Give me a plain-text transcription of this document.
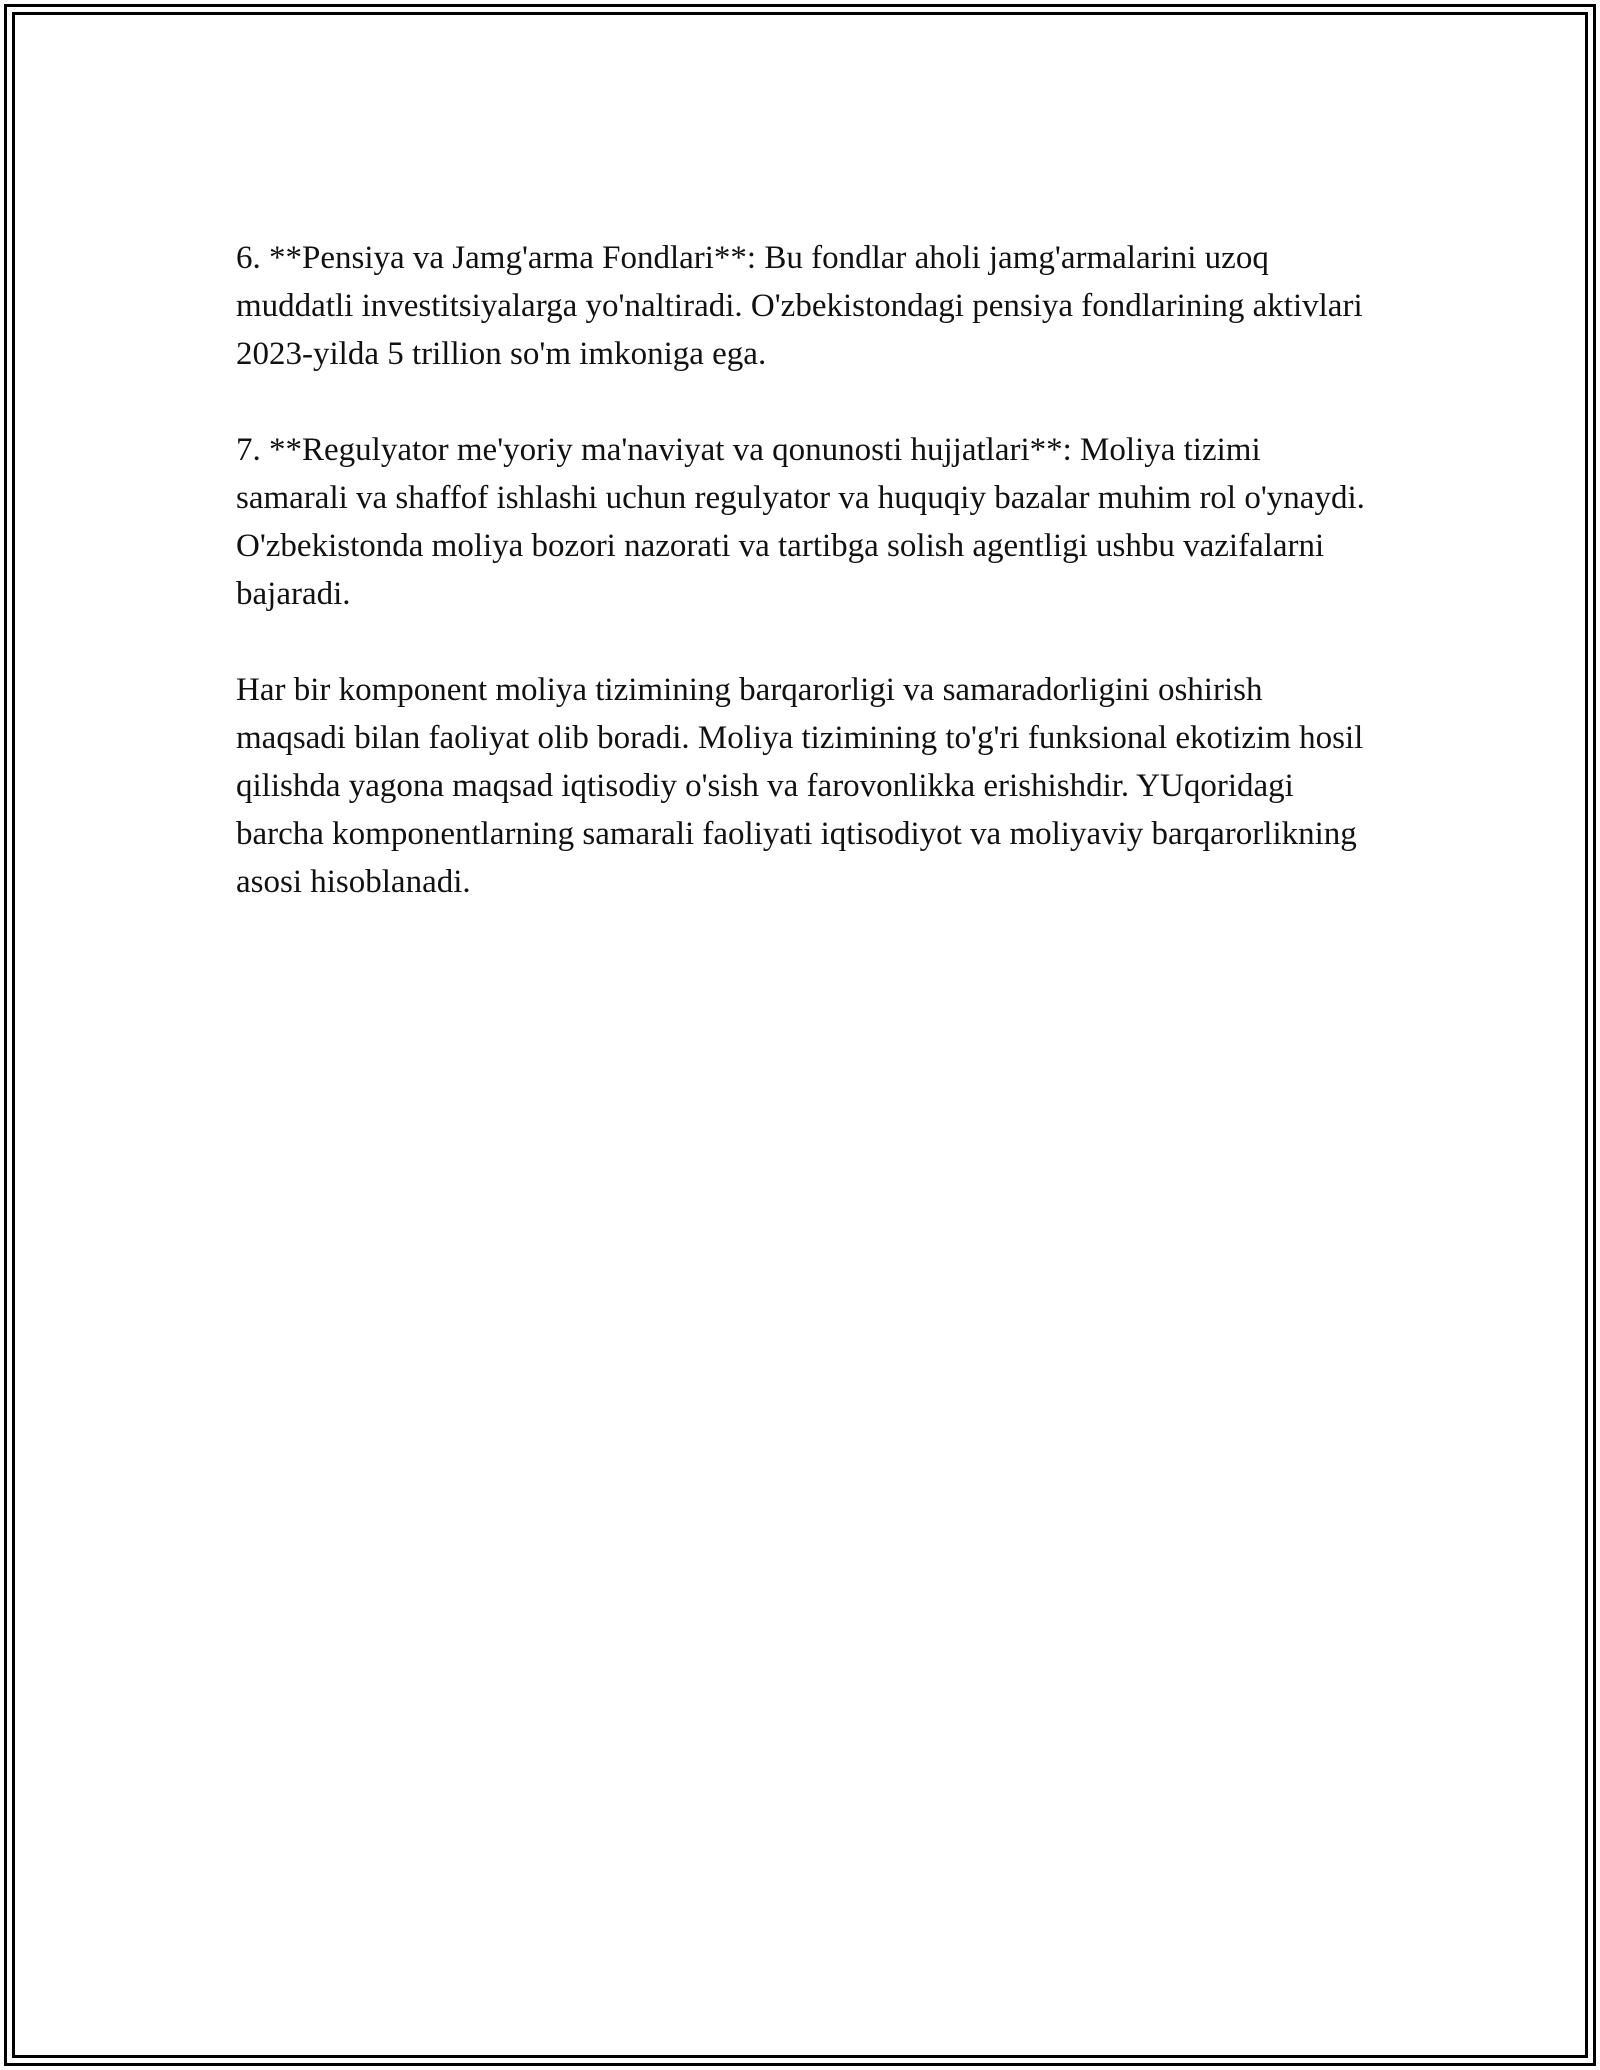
6. **Pensiya va Jamg'arma Fondlari**: Bu fondlar aholi jamg'armalarini uzoq muddatli investitsiyalarga yo'naltiradi. O'zbekistondagi pensiya fondlarining aktivlari 2023-yilda 5 trillion so'm imkoniga ega.

7. **Regulyator me'yoriy ma'naviyat va qonunosti hujjatlari**: Moliya tizimi samarali va shaffof ishlashi uchun regulyator va huquqiy bazalar muhim rol o'ynaydi. O'zbekistonda moliya bozori nazorati va tartibga solish agentligi ushbu vazifalarni bajaradi.

Har bir komponent moliya tizimining barqarorligi va samaradorligini oshirish maqsadi bilan faoliyat olib boradi. Moliya tizimining to'g'ri funksional ekotizim hosil qilishda yagona maqsad iqtisodiy o'sish va farovonlikka erishishdir. YUqoridagi barcha komponentlarning samarali faoliyati iqtisodiyot va moliyaviy barqarorlikning asosi hisoblanadi.
